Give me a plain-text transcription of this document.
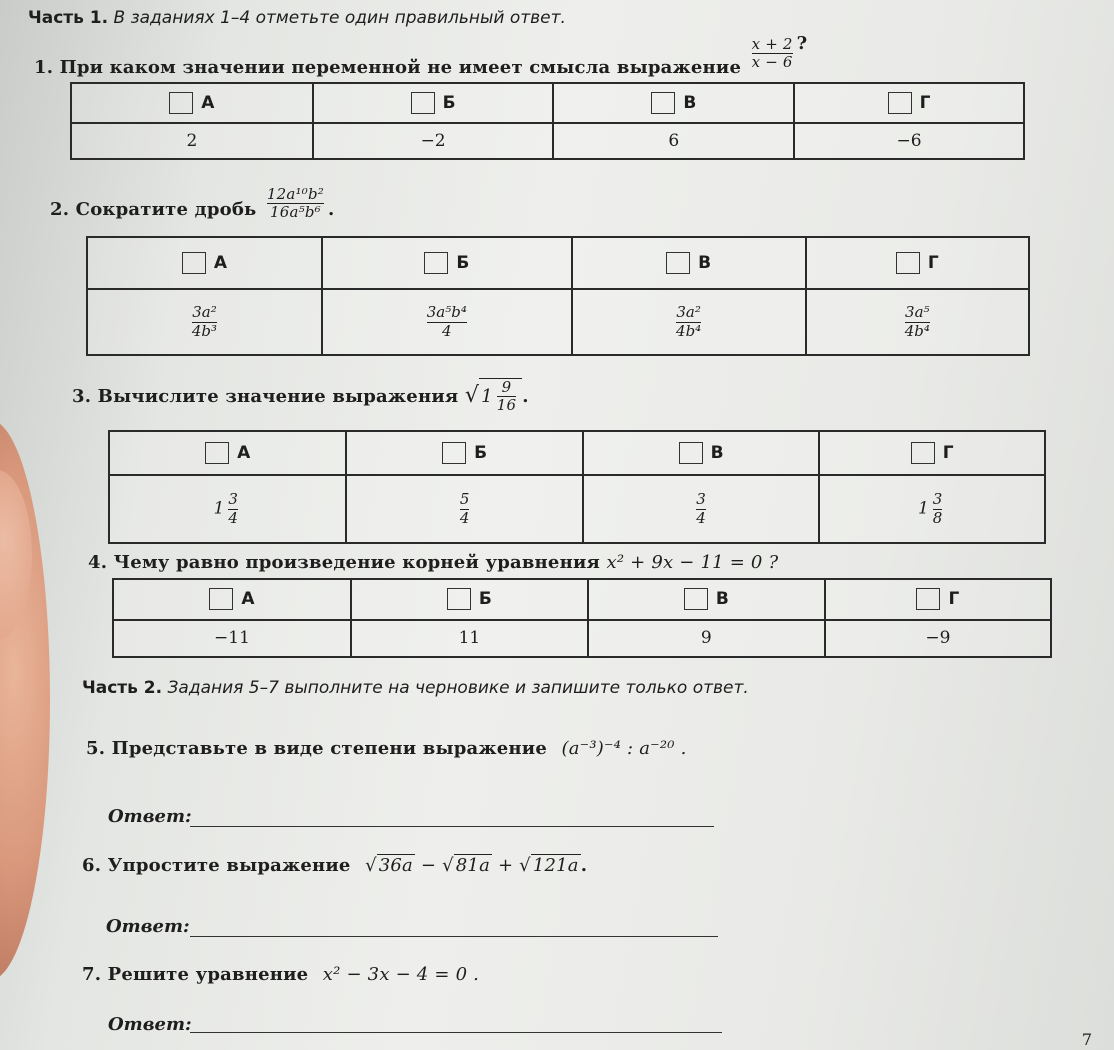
Часть 1. В заданиях 1–4 отметьте один правильный ответ.
1. При каком значении переменной не имеет смысла выражение $\frac{x + 2}{x - 6}$ ?
А	Б	В	Г
2	−2	6	−6
2. Сократите дробь $\frac{\text{12a¹⁰b²}}{\text{16a⁵b⁶}}$ .
А	Б	В	Г

$\frac{\text{3a²}}{\text{4b³}}$	$\frac{\text{3a⁵b⁴}}{4}$	$\frac{\text{3a²}}{\text{4b⁴}}$	$\frac{\text{3a⁵}}{\text{4b⁴}}$
3. Вычислите значение выражения √ $1 \frac{9}{16}$ .
А	Б	В	Г
$1 \frac{3}{4}$	$\frac{5}{4}$	$\frac{3}{4}$	$1 \frac{3}{8}$
4. Чему равно произведение корней уравнения x² + 9x − 11 = 0 ?
А	Б	В	Г
−11	11	9	−9
Часть 2. Задания 5–7 выполните на черновике и запишите только ответ.
5. Представьте в виде степени выражение (a⁻³)⁻⁴ : a⁻²⁰ .
Ответ:
6. Упростите выражение √ 36a − √ 81a + √ 121a .
Ответ:
7. Решите уравнение x² − 3x − 4 = 0 .
Ответ:
7
